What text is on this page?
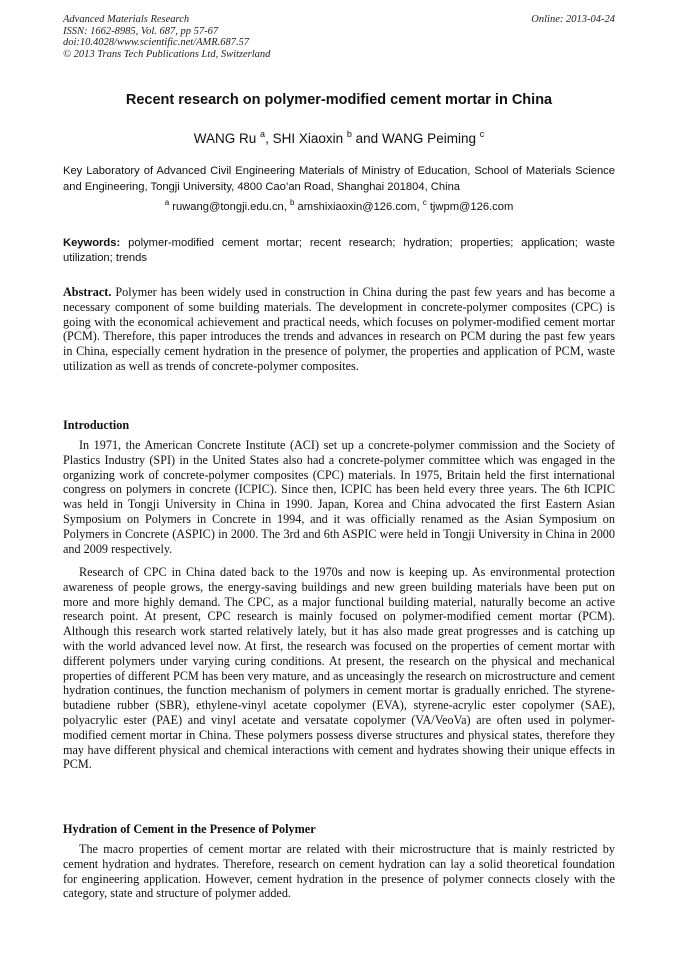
Advanced Materials Research
ISSN: 1662-8985, Vol. 687, pp 57-67
doi:10.4028/www.scientific.net/AMR.687.57
© 2013 Trans Tech Publications Ltd, Switzerland
Online: 2013-04-24
Recent research on polymer-modified cement mortar in China
WANG Ru $^a$, SHI Xiaoxin $^b$ and WANG Peiming $^c$
Key Laboratory of Advanced Civil Engineering Materials of Ministry of Education, School of Materials Science and Engineering, Tongji University, 4800 Cao’an Road, Shanghai 201804, China
$^a$ ruwang@tongji.edu.cn, $^b$ amshixiaoxin@126.com, $^c$ tjwpm@126.com
Keywords: polymer-modified cement mortar; recent research; hydration; properties; application; waste utilization; trends
Abstract. Polymer has been widely used in construction in China during the past few years and has become a necessary component of some building materials. The development in concrete-polymer composites (CPC) is going with the economical achievement and practical needs, which focuses on polymer-modified cement mortar (PCM). Therefore, this paper introduces the trends and advances in research on PCM during the past few years in China, especially cement hydration in the presence of polymer, the properties and application of PCM, waste utilization as well as trends of concrete-polymer composites.
Introduction
In 1971, the American Concrete Institute (ACI) set up a concrete-polymer commission and the Society of Plastics Industry (SPI) in the United States also had a concrete-polymer committee which was engaged in the organizing work of concrete-polymer composites (CPC) materials. In 1975, Britain held the first international congress on polymers in concrete (ICPIC). Since then, ICPIC has been held every three years. The 6th ICPIC was held in Tongji University in China in 1990. Japan, Korea and China advocated the first Eastern Asian Symposium on Polymers in Concrete in 1994, and it was officially renamed as the Asian Symposium on Polymers in Concrete (ASPIC) in 2000. The 3rd and 6th ASPIC were held in Tongji University in China in 2000 and 2009 respectively.
Research of CPC in China dated back to the 1970s and now is keeping up. As environmental protection awareness of people grows, the energy-saving buildings and new green building materials have been put on more and more highly demand. The CPC, as a major functional building material, naturally become an active research point. At present, CPC research is mainly focused on polymer-modified cement mortar (PCM). Although this research work started relatively lately, but it has also made great progresses and is catching up with the world advanced level now. At first, the research was focused on the properties of cement mortar with different polymers under varying curing conditions. At present, the research on the physical and mechanical properties of different PCM has been very mature, and as unceasingly the research on microstructure and cement hydration continues, the function mechanism of polymers in cement mortar is gradually enriched. The styrene-butadiene rubber (SBR), ethylene-vinyl acetate copolymer (EVA), styrene-acrylic ester copolymer (SAE), polyacrylic ester (PAE) and vinyl acetate and versatate copolymer (VA/VeoVa) are often used in polymer-modified cement mortar in China. These polymers possess diverse structures and physical states, therefore they may have different physical and chemical interactions with cement and hydrates showing their unique effects in PCM.
Hydration of Cement in the Presence of Polymer
The macro properties of cement mortar are related with their microstructure that is mainly restricted by cement hydration and hydrates. Therefore, research on cement hydration can lay a solid theoretical foundation for engineering application. However, cement hydration in the presence of polymer connects closely with the category, state and structure of polymer added.
